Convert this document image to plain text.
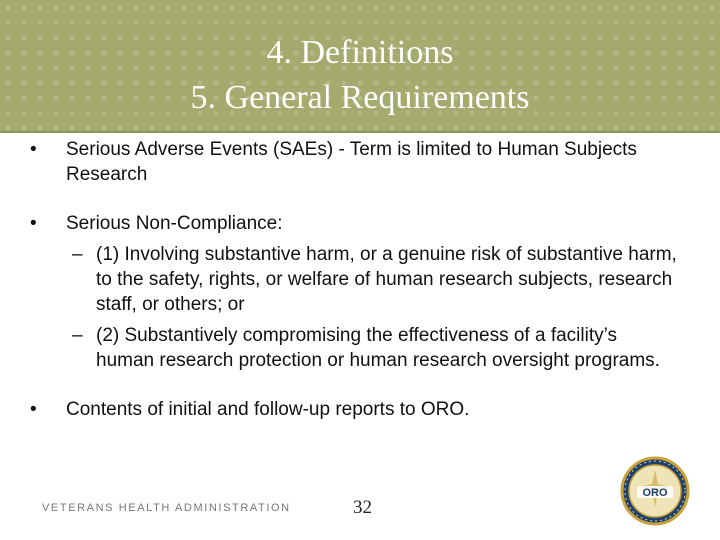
4. Definitions
5. General Requirements
• Serious Adverse Events (SAEs) - Term is limited to Human Subjects Research
• Serious Non-Compliance:
– (1) Involving substantive harm, or a genuine risk of substantive harm, to the safety, rights, or welfare of human research subjects, research staff, or others; or
– (2) Substantively compromising the effectiveness of a facility’s human research protection or human research oversight programs.
• Contents of initial and follow-up reports to ORO.
VETERANS HEALTH ADMINISTRATION	32
ORO
